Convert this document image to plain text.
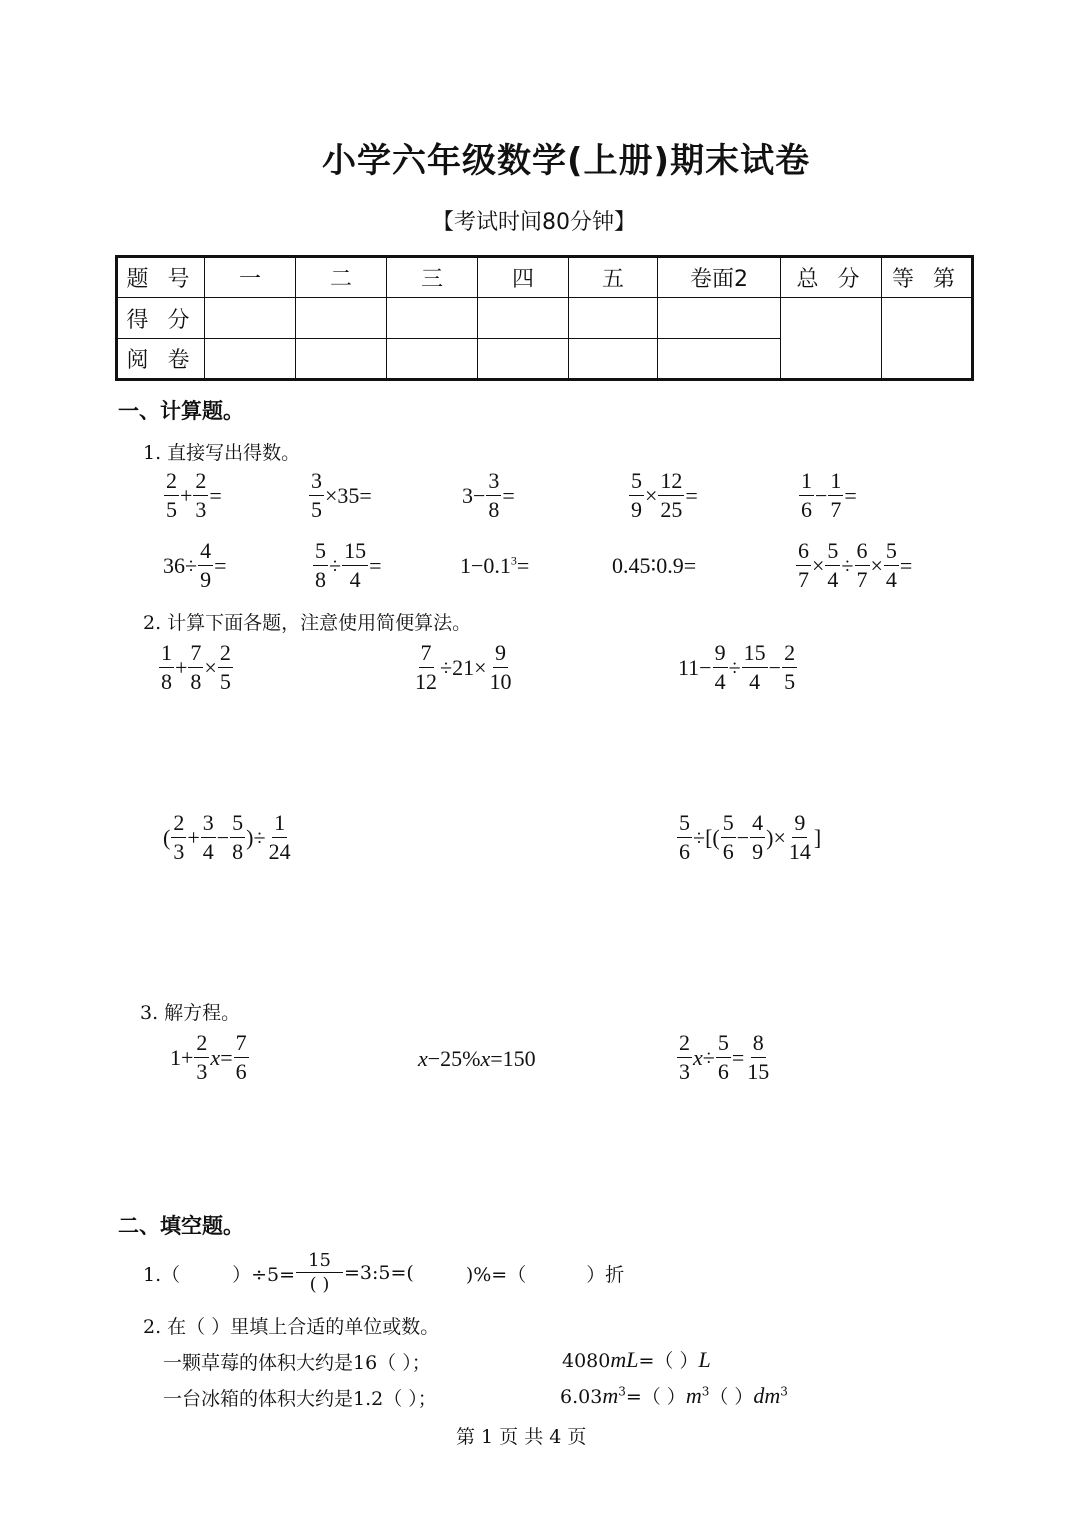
小学六年级数学(上册)期末试卷
【考试时间80分钟】
题 号	一	二	三	四	五	卷面2	总 分	等 第
得 分								
阅 卷								
一、计算题。
1. 直接写出得数。
$\frac{2}{5} + \frac{2}{3}$ =	$\frac{3}{5} \times 35=$	$3- \frac{3}{8}$ =	$\frac{5}{9} \times \frac{12}{25}$ =	$\frac{1}{6} - \frac{1}{7}$ =
$36\div \frac{4}{9}$ =	$\frac{5}{8} \div \frac{15}{4}$ =	$1-0.1^3=$	0.45∶0.9=	$\frac{6}{7} \times \frac{5}{4} \div \frac{6}{7} \times \frac{5}{4}$ =
2. 计算下面各题，注意使用简便算法。
$\frac{1}{8} + \frac{7}{8} \times \frac{2}{5}$	$\frac{7}{12} \div 21\times \frac{9}{10}$	$11- \frac{9}{4} \div \frac{15}{4} - \frac{2}{5}$
( $\frac{2}{3} + \frac{3}{4} - \frac{5}{8}$ )÷ $\frac{1}{24}$	$\frac{5}{6}$ ÷[( $\frac{5}{6} - \frac{4}{9}$ )× $\frac{9}{14}$ ]
3. 解方程。
$1+ \frac{2}{3}$ $x = \frac{7}{6}$	x−25%x=150	$\frac{2}{3}$ $x \div \frac{5}{6} = \frac{8}{15}$
二、填空题。
1.（	）$\div 5= \frac{15}{( )}$ =3:5=(	)%=（	）折
2. 在（ ）里填上合适的单位或数。
一颗草莓的体积大约是16（ ）；	4080mL=（ ）L
一台冰箱的体积大约是1.2（ ）；	$6.03m^3=$（ ）$m^3$（ ）$dm^3$
第 1 页 共 4 页
